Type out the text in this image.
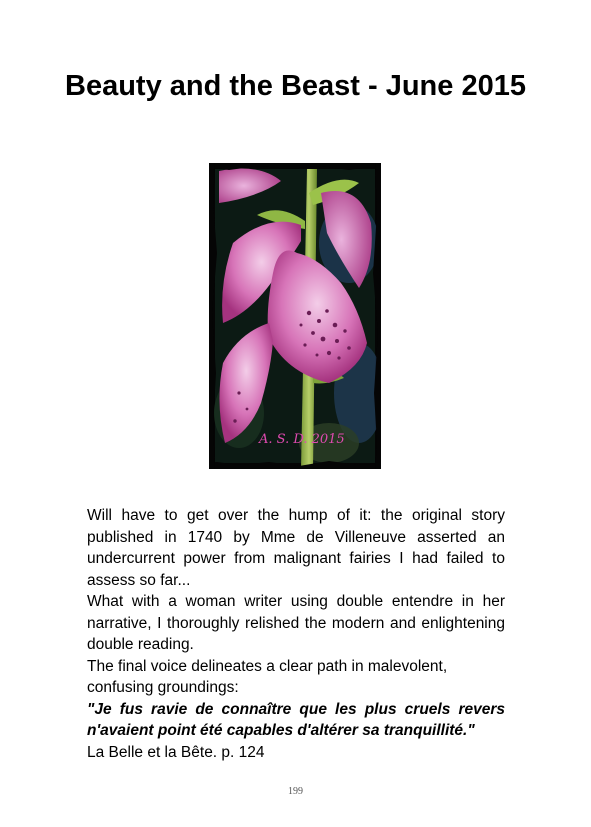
Beauty and the Beast - June 2015
A. S. D. 2015

Will have to get over the hump of it: the original story published in 1740 by Mme de Villeneuve asserted an undercurrent power from malignant fairies I had failed to assess so far...

What with a woman writer using double entendre in her narrative, I thoroughly relished the modern and enlightening double reading.

The final voice delineates a clear path in malevolent, confusing groundings:

"Je fus ravie de connaître que les plus cruels revers n'avaient point été capables d'altérer sa tranquillité."

La Belle et la Bête. p. 124

199
